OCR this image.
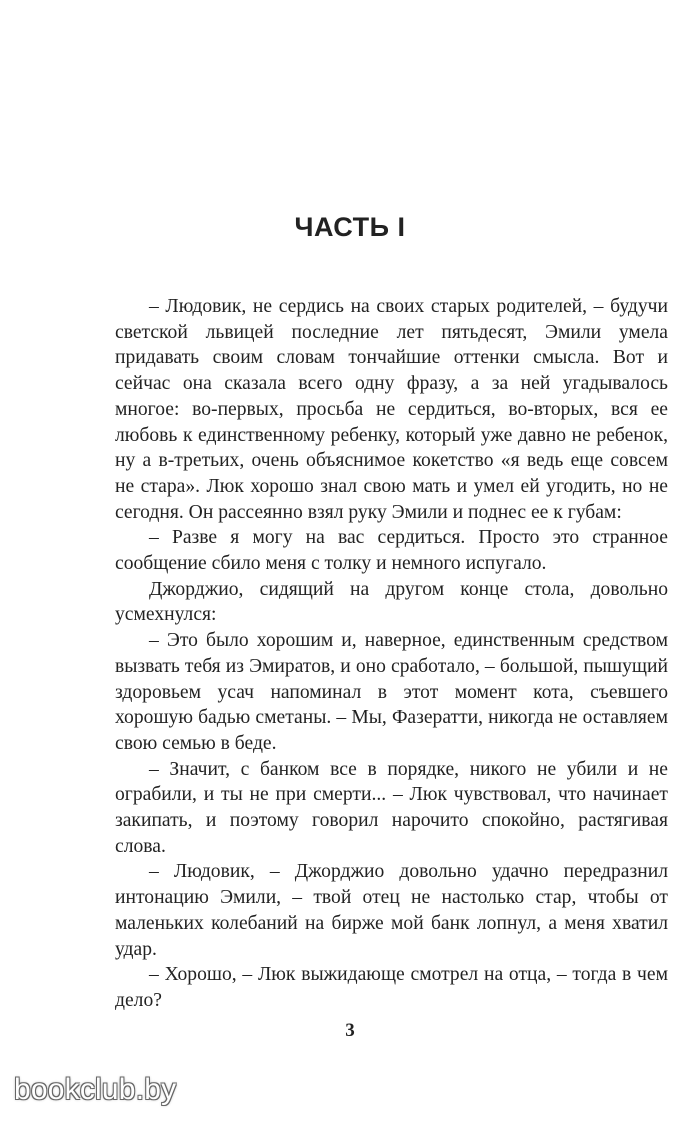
ЧАСТЬ I

– Людовик, не сердись на своих старых родителей, – будучи светской львицей последние лет пятьдесят, Эмили умела придавать своим словам тончайшие оттенки смысла. Вот и сейчас она сказала всего одну фразу, а за ней угадывалось многое: во-первых, просьба не сердиться, во-вторых, вся ее любовь к единственному ребенку, который уже давно не ребенок, ну а в-третьих, очень объяснимое кокетство «я ведь еще совсем не стара». Люк хорошо знал свою мать и умел ей угодить, но не сегодня. Он рассеянно взял руку Эмили и поднес ее к губам:

– Разве я могу на вас сердиться. Просто это странное сообщение сбило меня с толку и немного испугало.

Джорджио, сидящий на другом конце стола, довольно усмехнулся:

– Это было хорошим и, наверное, единственным средством вызвать тебя из Эмиратов, и оно сработало, – большой, пышущий здоровьем усач напоминал в этот момент кота, съевшего хорошую бадью сметаны. – Мы, Фазератти, никогда не оставляем свою семью в беде.

– Значит, с банком все в порядке, никого не убили и не ограбили, и ты не при смерти... – Люк чувствовал, что начинает закипать, и поэтому говорил нарочито спокойно, растягивая слова.

– Людовик, – Джорджио довольно удачно передразнил интонацию Эмили, – твой отец не настолько стар, чтобы от маленьких колебаний на бирже мой банк лопнул, а меня хватил удар.

– Хорошо, – Люк выжидающе смотрел на отца, – тогда в чем дело?

3
bookclub.by
